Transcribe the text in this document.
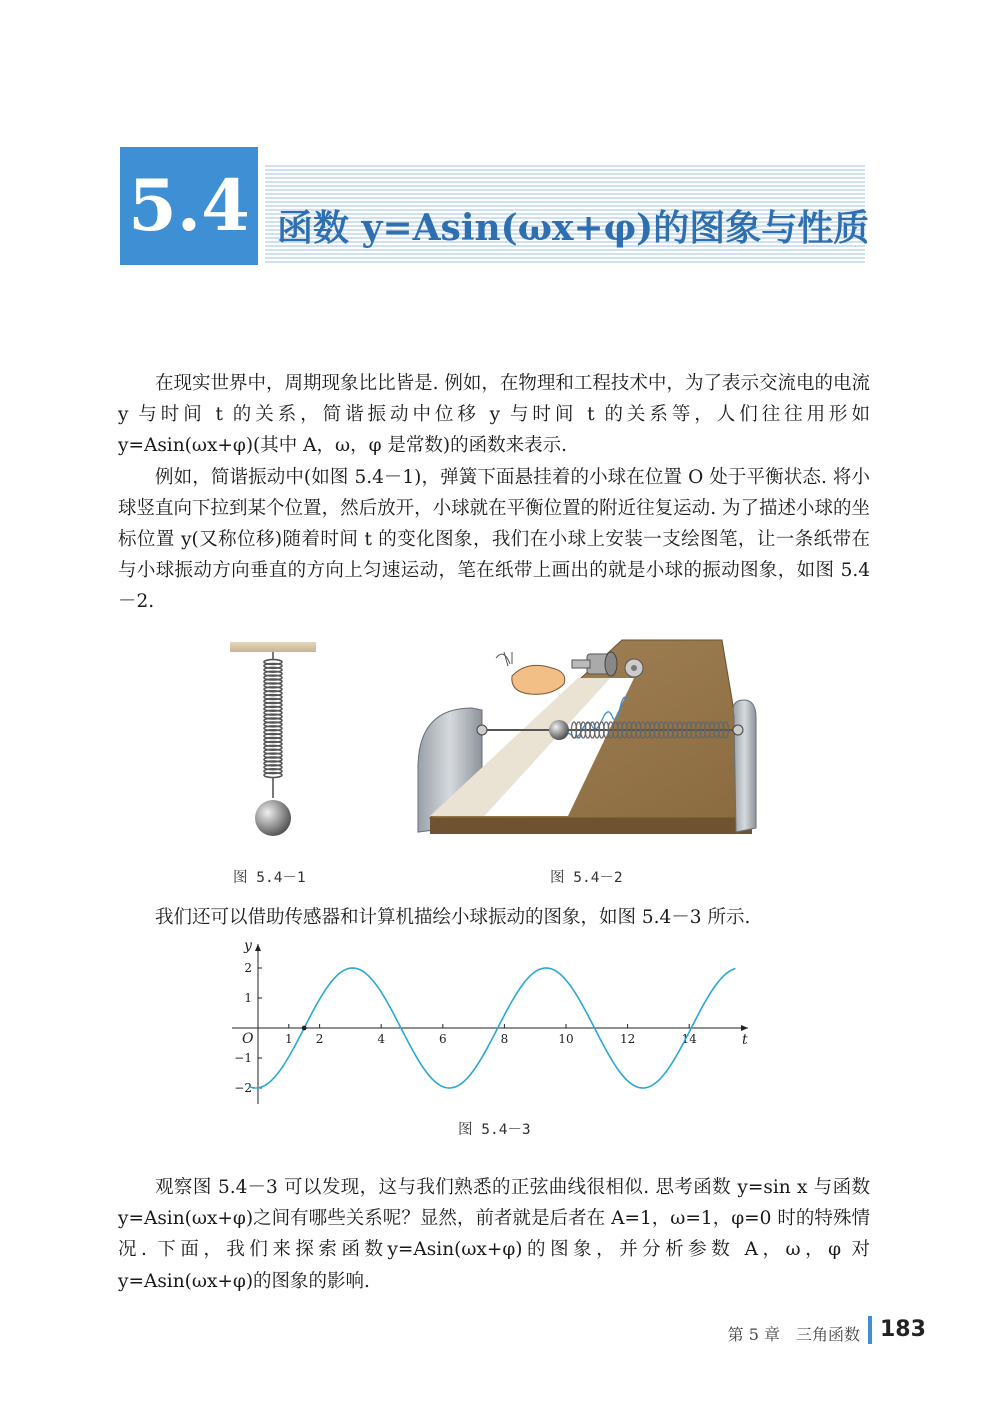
5.4 函数 y=Asin(ωx+φ)的图象与性质

在现实世界中，周期现象比比皆是. 例如，在物理和工程技术中，为了表示交流电的电流 y 与时间 t 的关系，简谐振动中位移 y 与时间 t 的关系等，人们往往用形如 y=Asin(ωx+φ)(其中 A，ω，φ 是常数)的函数来表示.

例如，简谐振动中(如图 5.4－1)，弹簧下面悬挂着的小球在位置 O 处于平衡状态. 将小球竖直向下拉到某个位置，然后放开，小球就在平衡位置的附近往复运动. 为了描述小球的坐标位置 y(又称位移)随着时间 t 的变化图象，我们在小球上安装一支绘图笔，让一条纸带在与小球振动方向垂直的方向上匀速运动，笔在纸带上画出的就是小球的振动图象，如图 5.4－2.

图 5.4－1	图 5.4－2

我们还可以借助传感器和计算机描绘小球振动的图象，如图 5.4－3 所示.

t
y
O	1 2	4	6	8	10	12	14
−2
−1
1
2
图 5.4－3

观察图 5.4－3 可以发现，这与我们熟悉的正弦曲线很相似. 思考函数 y=sin x 与函数 y=Asin(ωx+φ)之间有哪些关系呢？显然，前者就是后者在 A=1，ω=1，φ=0 时的特殊情况. 下面，我们来探索函数y=Asin(ωx+φ)的图象，并分析参数 A，ω，φ 对 y=Asin(ωx+φ)的图象的影响.

第 5 章　三角函数 183
